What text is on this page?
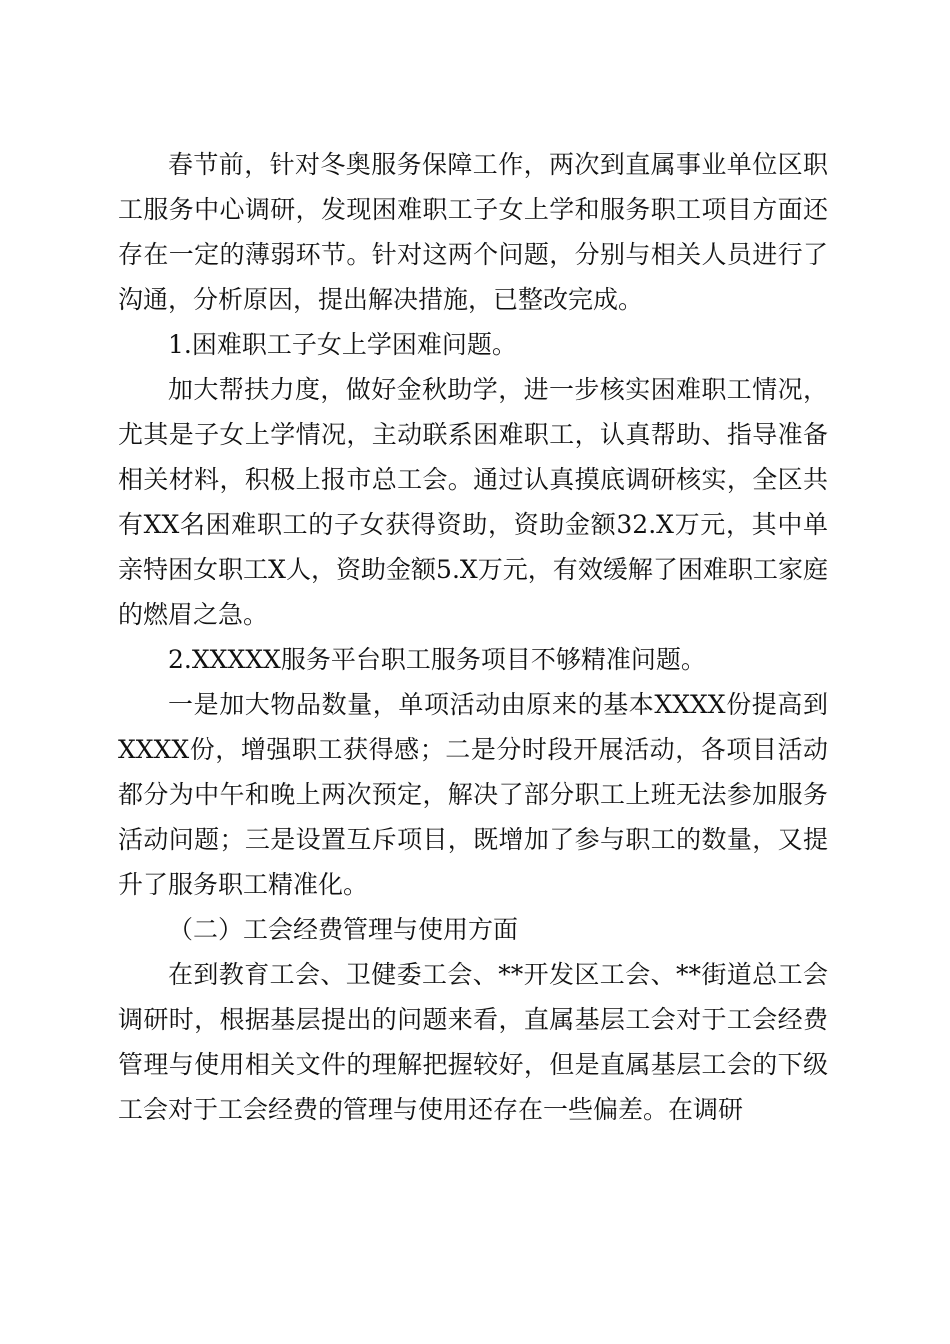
春节前，针对冬奥服务保障工作，两次到直属事业单位区职工服务中心调研，发现困难职工子女上学和服务职工项目方面还存在一定的薄弱环节。针对这两个问题，分别与相关人员进行了沟通，分析原因，提出解决措施，已整改完成。

1.困难职工子女上学困难问题。

加大帮扶力度，做好金秋助学，进一步核实困难职工情况，尤其是子女上学情况，主动联系困难职工，认真帮助、指导准备相关材料，积极上报市总工会。通过认真摸底调研核实，全区共有XX名困难职工的子女获得资助，资助金额32.X万元，其中单亲特困女职工X人，资助金额5.X万元，有效缓解了困难职工家庭的燃眉之急。

2.XXXXX服务平台职工服务项目不够精准问题。

一是加大物品数量，单项活动由原来的基本XXXX份提高到XXXX份，增强职工获得感；二是分时段开展活动，各项目活动都分为中午和晚上两次预定，解决了部分职工上班无法参加服务活动问题；三是设置互斥项目，既增加了参与职工的数量，又提升了服务职工精准化。

（二）工会经费管理与使用方面

在到教育工会、卫健委工会、**开发区工会、**街道总工会调研时，根据基层提出的问题来看，直属基层工会对于工会经费管理与使用相关文件的理解把握较好，但是直属基层工会的下级工会对于工会经费的管理与使用还存在一些偏差。在调研
